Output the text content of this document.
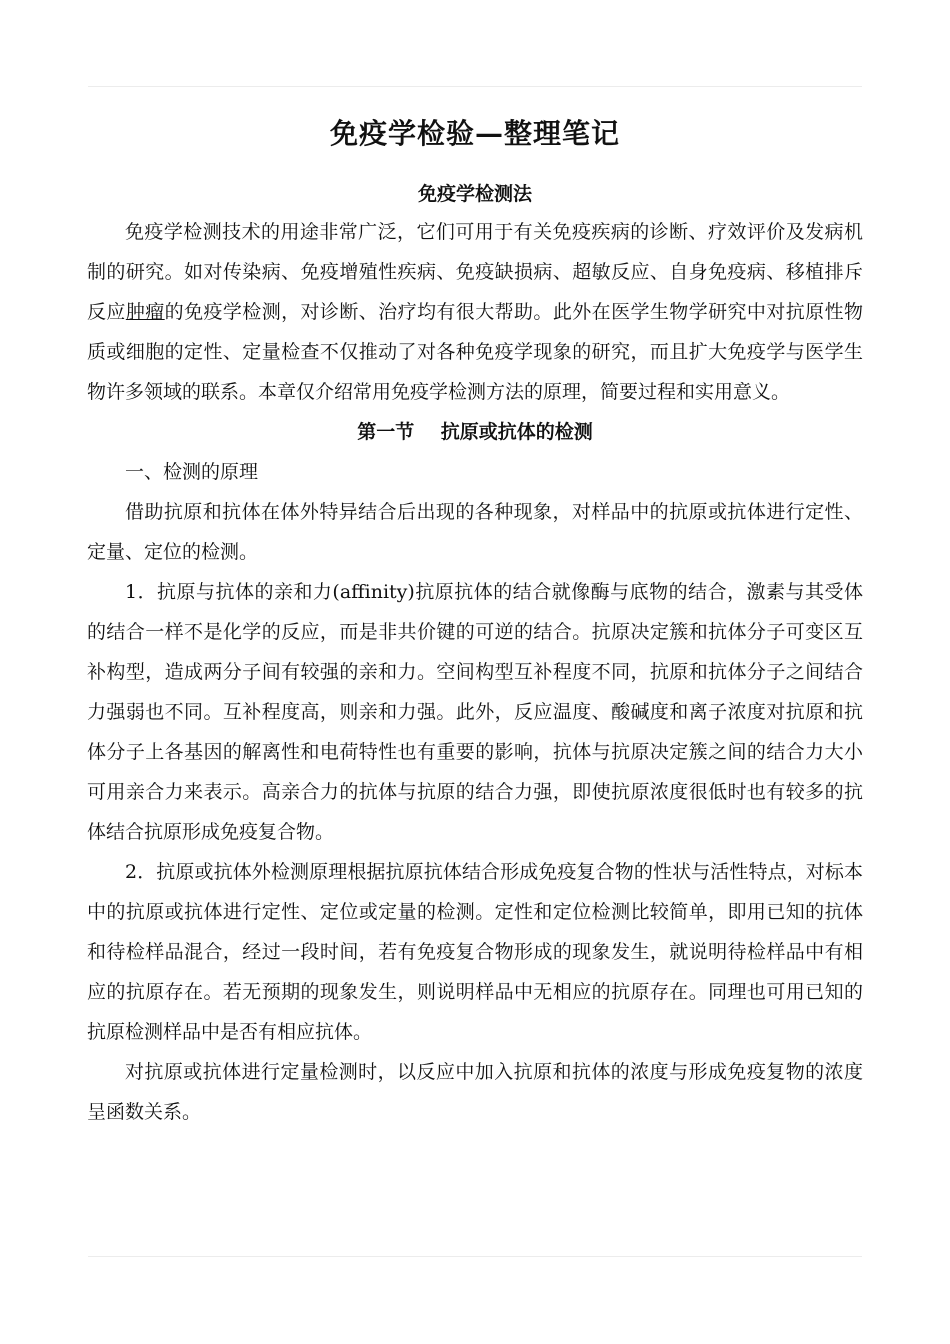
免疫学检验—整理笔记
免疫学检测法

免疫学检测技术的用途非常广泛，它们可用于有关免疫疾病的诊断、疗效评价及发病机制的研究。如对传染病、免疫增殖性疾病、免疫缺损病、超敏反应、自身免疫病、移植排斥反应肿瘤的免疫学检测，对诊断、治疗均有很大帮助。此外在医学生物学研究中对抗原性物质或细胞的定性、定量检查不仅推动了对各种免疫学现象的研究，而且扩大免疫学与医学生物许多领域的联系。本章仅介绍常用免疫学检测方法的原理，简要过程和实用意义。

第一节    抗原或抗体的检测

一、检测的原理

借助抗原和抗体在体外特异结合后出现的各种现象，对样品中的抗原或抗体进行定性、定量、定位的检测。

1．抗原与抗体的亲和力(affinity)抗原抗体的结合就像酶与底物的结合，激素与其受体的结合一样不是化学的反应，而是非共价键的可逆的结合。抗原决定簇和抗体分子可变区互补构型，造成两分子间有较强的亲和力。空间构型互补程度不同，抗原和抗体分子之间结合力强弱也不同。互补程度高，则亲和力强。此外，反应温度、酸碱度和离子浓度对抗原和抗体分子上各基因的解离性和电荷特性也有重要的影响，抗体与抗原决定簇之间的结合力大小可用亲合力来表示。高亲合力的抗体与抗原的结合力强，即使抗原浓度很低时也有较多的抗体结合抗原形成免疫复合物。

2．抗原或抗体外检测原理根据抗原抗体结合形成免疫复合物的性状与活性特点，对标本中的抗原或抗体进行定性、定位或定量的检测。定性和定位检测比较简单，即用已知的抗体和待检样品混合，经过一段时间，若有免疫复合物形成的现象发生，就说明待检样品中有相应的抗原存在。若无预期的现象发生，则说明样品中无相应的抗原存在。同理也可用已知的抗原检测样品中是否有相应抗体。

对抗原或抗体进行定量检测时，以反应中加入抗原和抗体的浓度与形成免疫复物的浓度呈函数关系。
